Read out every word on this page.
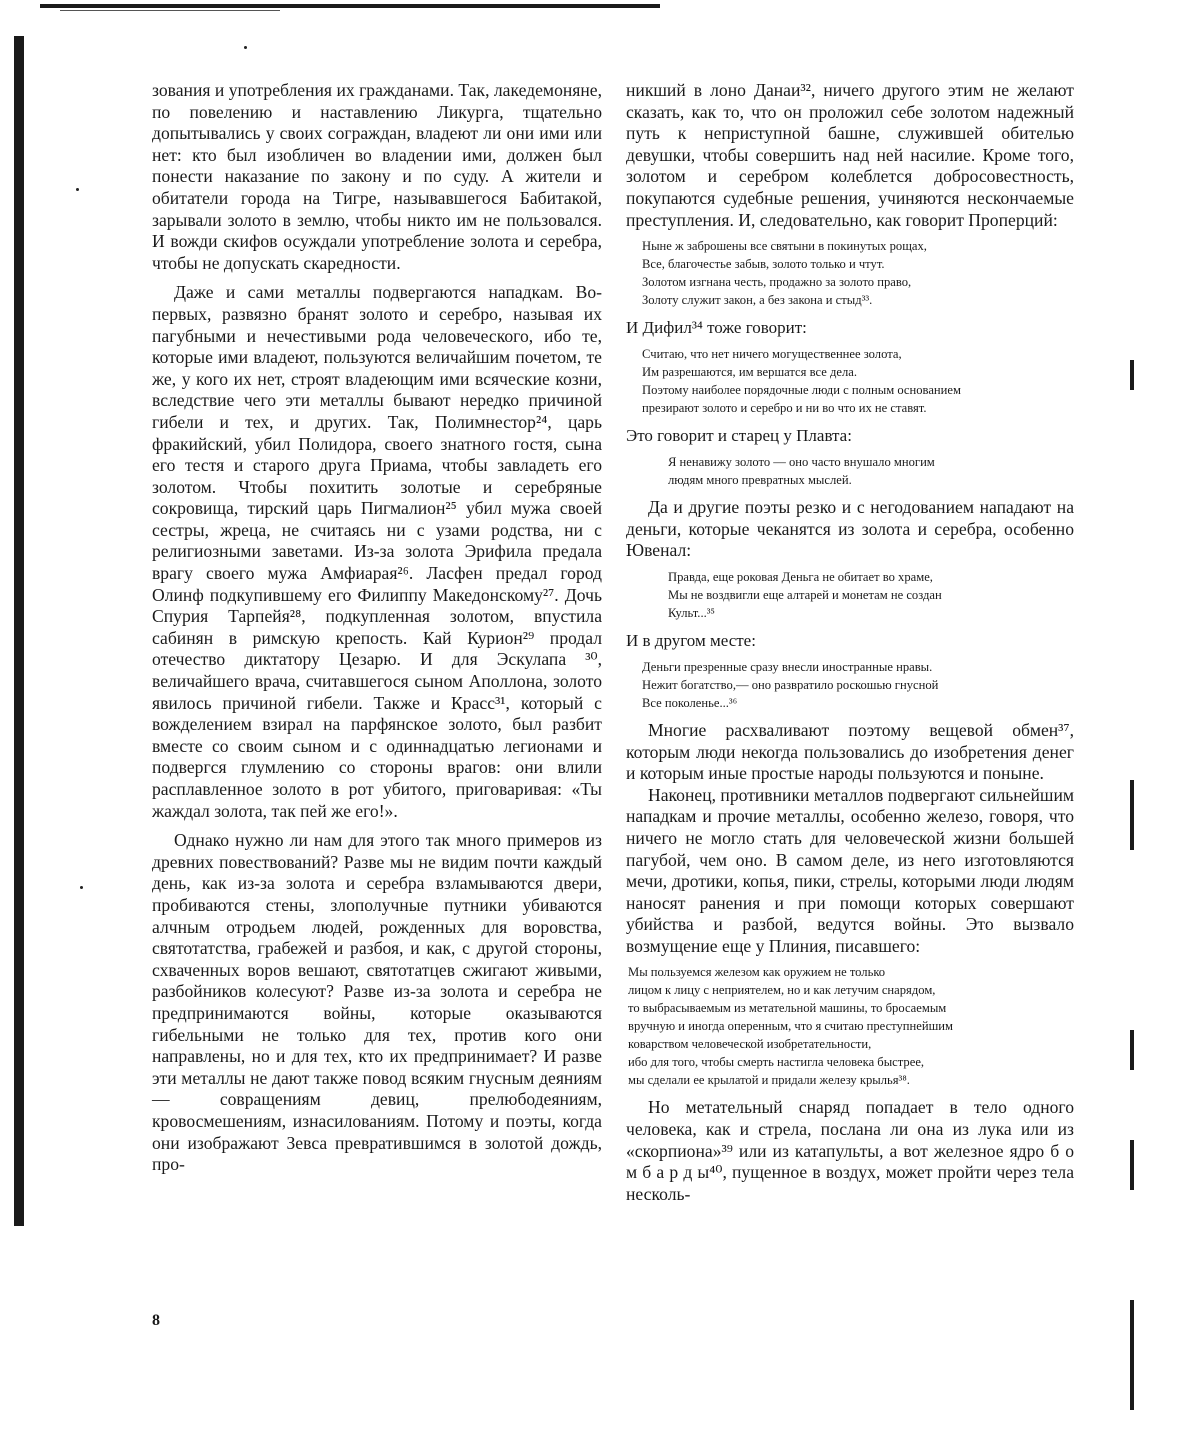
зования и употребления их гражданами. Так, лакедемоняне, по повелению и наставлению Ликурга, тщательно допытывались у своих сограждан, владеют ли они ими или нет: кто был изобличен во владении ими, должен был понести наказание по закону и по суду. А жители и обитатели города на Тигре, называвшегося Бабитакой, зарывали золото в землю, чтобы никто им не пользовался. И вожди скифов осуждали употребление золота и серебра, чтобы не допускать скаредности.

Даже и сами металлы подвергаются нападкам. Во-первых, развязно бранят золото и серебро, называя их пагубными и нечестивыми рода человеческого, ибо те, которые ими владеют, пользуются величайшим почетом, те же, у кого их нет, строят владеющим ими всяческие козни, вследствие чего эти металлы бывают нередко причиной гибели и тех, и других. Так, Полимнестор²⁴, царь фракийский, убил Полидора, своего знатного гостя, сына его тестя и старого друга Приама, чтобы завладеть его золотом. Чтобы похитить золотые и серебряные сокровища, тирский царь Пигмалион²⁵ убил мужа своей сестры, жреца, не считаясь ни с узами родства, ни с религиозными заветами. Из-за золота Эрифила предала врагу своего мужа Амфиарая²⁶. Ласфен предал город Олинф подкупившему его Филиппу Македонскому²⁷. Дочь Спурия Тарпейя²⁸, подкупленная золотом, впустила сабинян в римскую крепость. Кай Курион²⁹ продал отечество диктатору Цезарю. И для Эскулапа ³⁰, величайшего врача, считавшегося сыном Аполлона, золото явилось причиной гибели. Также и Красс³¹, который с вожделением взирал на парфянское золото, был разбит вместе со своим сыном и с одиннадцатью легионами и подвергся глумлению со стороны врагов: они влили расплавленное золото в рот убитого, приговаривая: «Ты жаждал золота, так пей же его!».

Однако нужно ли нам для этого так много примеров из древних повествований? Разве мы не видим почти каждый день, как из-за золота и серебра взламываются двери, пробиваются стены, злополучные путники убиваются алчным отродьем людей, рожденных для воровства, святотатства, грабежей и разбоя, и как, с другой стороны, схваченных воров вешают, святотатцев сжигают живыми, разбойников колесуют? Разве из-за золота и серебра не предпринимаются войны, которые оказываются гибельными не только для тех, против кого они направлены, но и для тех, кто их предпринимает? И разве эти металлы не дают также повод всяким гнусным деяниям — совращениям девиц, прелюбодеяниям, кровосмешениям, изнасилованиям. Потому и поэты, когда они изображают Зевса превратившимся в золотой дождь, про-

никший в лоно Данаи³², ничего другого этим не желают сказать, как то, что он проложил себе золотом надежный путь к неприступной башне, служившей обителью девушки, чтобы совершить над ней насилие. Кроме того, золотом и серебром колеблется добросовестность, покупаются судебные решения, учиняются нескончаемые преступления. И, следовательно, как говорит Проперций:

Ныне ж заброшены все святыни в покинутых рощах,
Все, благочестье забыв, золото только и чтут.
Золотом изгнана честь, продажно за золото право,
Золоту служит закон, а без закона и стыд³³.

И Дифил³⁴ тоже говорит:

Считаю, что нет ничего могущественнее золота,
Им разрешаются, им вершатся все дела.
Поэтому наиболее порядочные люди с полным основанием
презирают золото и серебро и ни во что их не ставят.

Это говорит и старец у Плавта:

Я ненавижу золото — оно часто внушало многим
людям много превратных мыслей.

Да и другие поэты резко и с негодованием нападают на деньги, которые чеканятся из золота и серебра, особенно Ювенал:

Правда, еще роковая Деньга не обитает во храме,
Мы не воздвигли еще алтарей и монетам не создан
Культ...³⁵

И в другом месте:

Деньги презренные сразу внесли иностранные нравы.
Нежит богатство,— оно развратило роскошью гнусной
Все поколенье...³⁶

Многие расхваливают поэтому вещевой обмен³⁷, которым люди некогда пользовались до изобретения денег и которым иные простые народы пользуются и поныне.

Наконец, противники металлов подвергают сильнейшим нападкам и прочие металлы, особенно железо, говоря, что ничего не могло стать для человеческой жизни большей пагубой, чем оно. В самом деле, из него изготовляются мечи, дротики, копья, пики, стрелы, которыми люди людям наносят ранения и при помощи которых совершают убийства и разбой, ведутся войны. Это вызвало возмущение еще у Плиния, писавшего:

Мы пользуемся железом как оружием не только
лицом к лицу с неприятелем, но и как летучим снарядом,
то выбрасываемым из метательной машины, то бросаемым
вручную и иногда оперенным, что я считаю преступнейшим
коварством человеческой изобретательности,
ибо для того, чтобы смерть настигла человека быстрее,
мы сделали ее крылатой и придали железу крылья³⁸.

Но метательный снаряд попадает в тело одного человека, как и стрела, послана ли она из лука или из «скорпиона»³⁹ или из катапульты, а вот железное ядро б о м б а р д ы⁴⁰, пущенное в воздух, может пройти через тела несколь-

8
